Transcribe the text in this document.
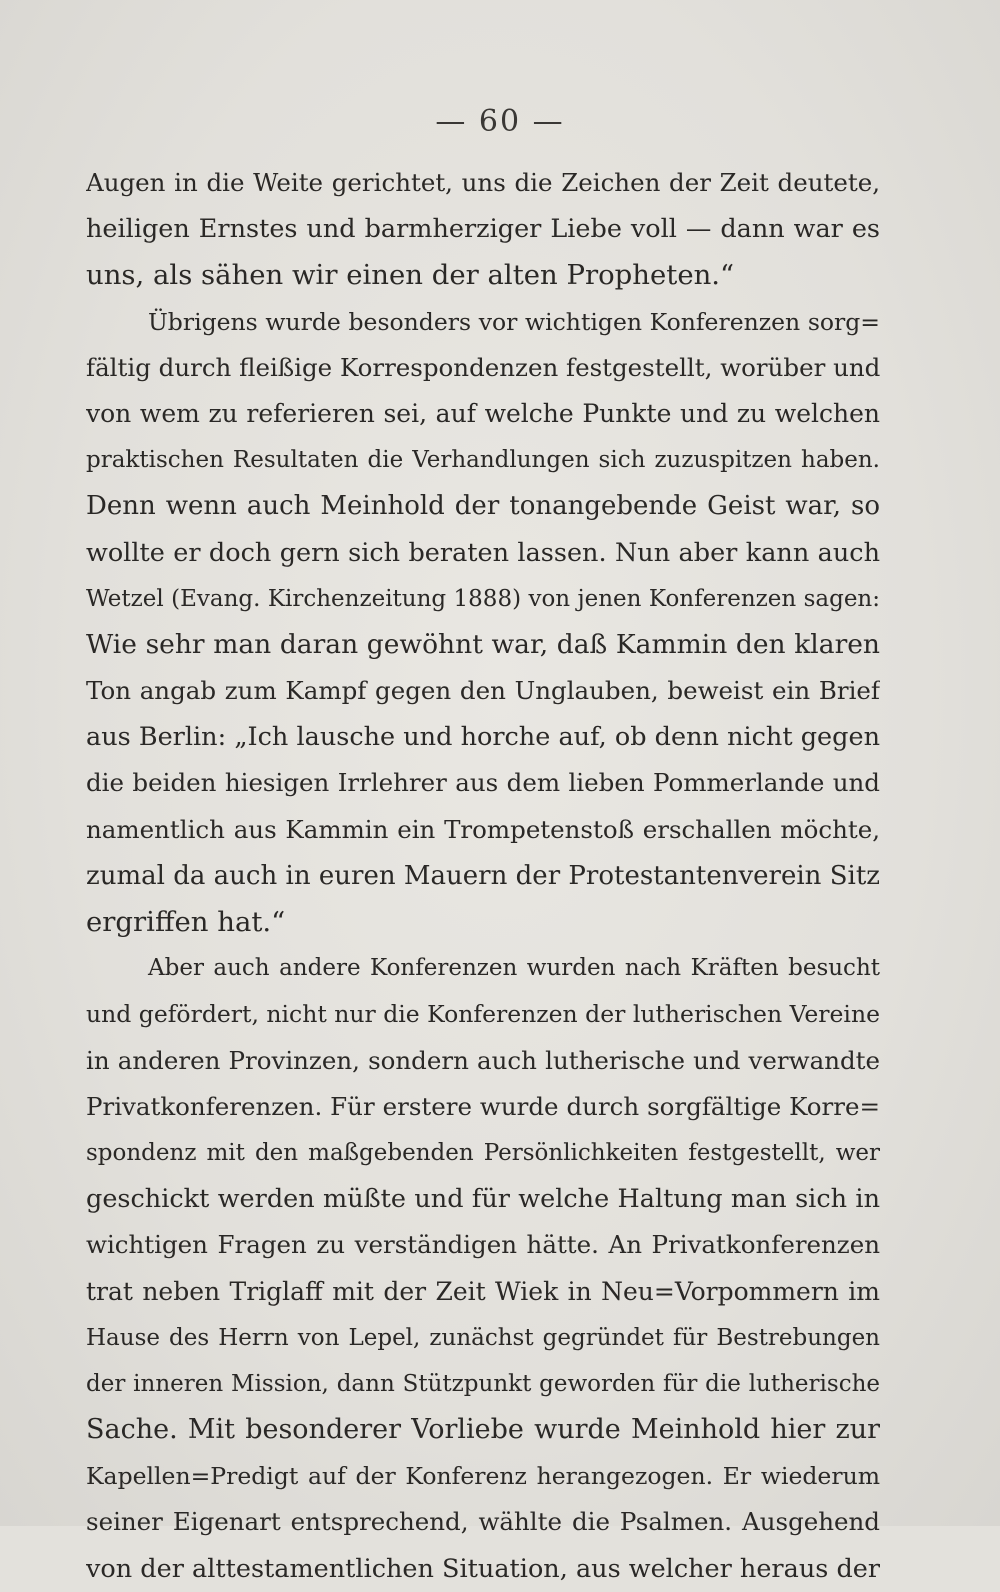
— 60 —
Augen in die Weite gerichtet, uns die Zeichen der Zeit deutete,
heiligen Ernstes und barmherziger Liebe voll — dann war es
uns, als sähen wir einen der alten Propheten.“
Übrigens wurde besonders vor wichtigen Konferenzen sorg=
fältig durch fleißige Korrespondenzen festgestellt, worüber und
von wem zu referieren sei, auf welche Punkte und zu welchen
praktischen Resultaten die Verhandlungen sich zuzuspitzen haben.
Denn wenn auch Meinhold der tonangebende Geist war, so
wollte er doch gern sich beraten lassen. Nun aber kann auch
Wetzel (Evang. Kirchenzeitung 1888) von jenen Konferenzen sagen:
Wie sehr man daran gewöhnt war, daß Kammin den klaren
Ton angab zum Kampf gegen den Unglauben, beweist ein Brief
aus Berlin: „Ich lausche und horche auf, ob denn nicht gegen
die beiden hiesigen Irrlehrer aus dem lieben Pommerlande und
namentlich aus Kammin ein Trompetenstoß erschallen möchte,
zumal da auch in euren Mauern der Protestantenverein Sitz
ergriffen hat.“
Aber auch andere Konferenzen wurden nach Kräften besucht
und gefördert, nicht nur die Konferenzen der lutherischen Vereine
in anderen Provinzen, sondern auch lutherische und verwandte
Privatkonferenzen. Für erstere wurde durch sorgfältige Korre=
spondenz mit den maßgebenden Persönlichkeiten festgestellt, wer
geschickt werden müßte und für welche Haltung man sich in
wichtigen Fragen zu verständigen hätte. An Privatkonferenzen
trat neben Triglaff mit der Zeit Wiek in Neu=Vorpommern im
Hause des Herrn von Lepel, zunächst gegründet für Bestrebungen
der inneren Mission, dann Stützpunkt geworden für die lutherische
Sache. Mit besonderer Vorliebe wurde Meinhold hier zur
Kapellen=Predigt auf der Konferenz herangezogen. Er wiederum
seiner Eigenart entsprechend, wählte die Psalmen. Ausgehend
von der alttestamentlichen Situation, aus welcher heraus der
